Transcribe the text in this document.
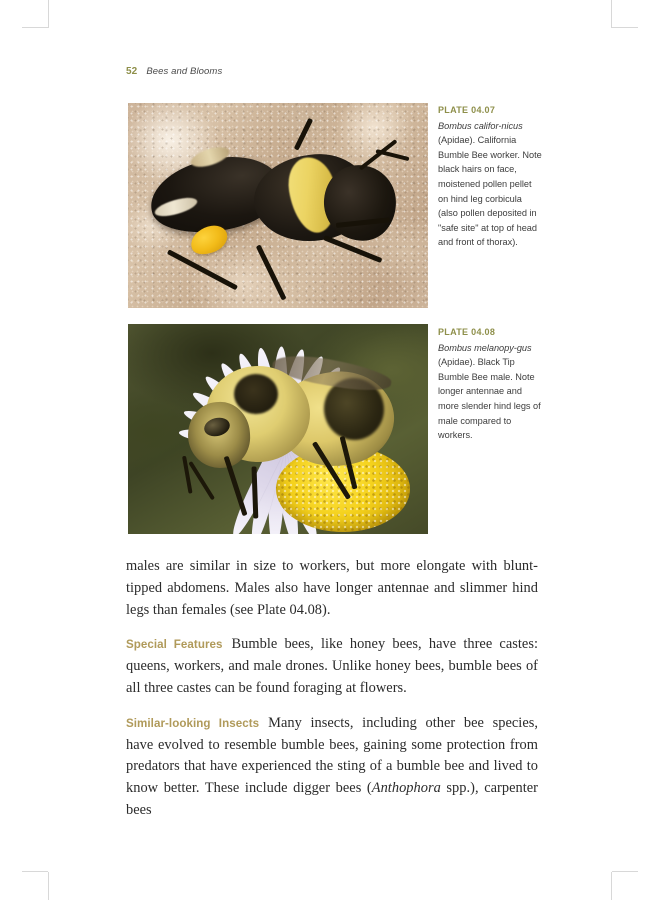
52 Bees and Blooms
PLATE 04.07
Bombus califor-nicus (Apidae). California Bumble Bee worker. Note black hairs on face, moistened pollen pellet on hind leg corbicula (also pollen deposited in "safe site" at top of head and front of thorax).
PLATE 04.08
Bombus melanopy-gus (Apidae). Black Tip Bumble Bee male. Note longer antennae and more slender hind legs of male compared to workers.

males are similar in size to workers, but more elongate with blunt-tipped abdomens. Males also have longer antennae and slimmer hind legs than females (see Plate 04.08).

Special Features Bumble bees, like honey bees, have three castes: queens, workers, and male drones. Unlike honey bees, bumble bees of all three castes can be found foraging at flowers.

Similar-looking Insects Many insects, including other bee species, have evolved to resemble bumble bees, gaining some protection from predators that have experienced the sting of a bumble bee and lived to know better. These include digger bees (Anthophora spp.), carpenter bees
